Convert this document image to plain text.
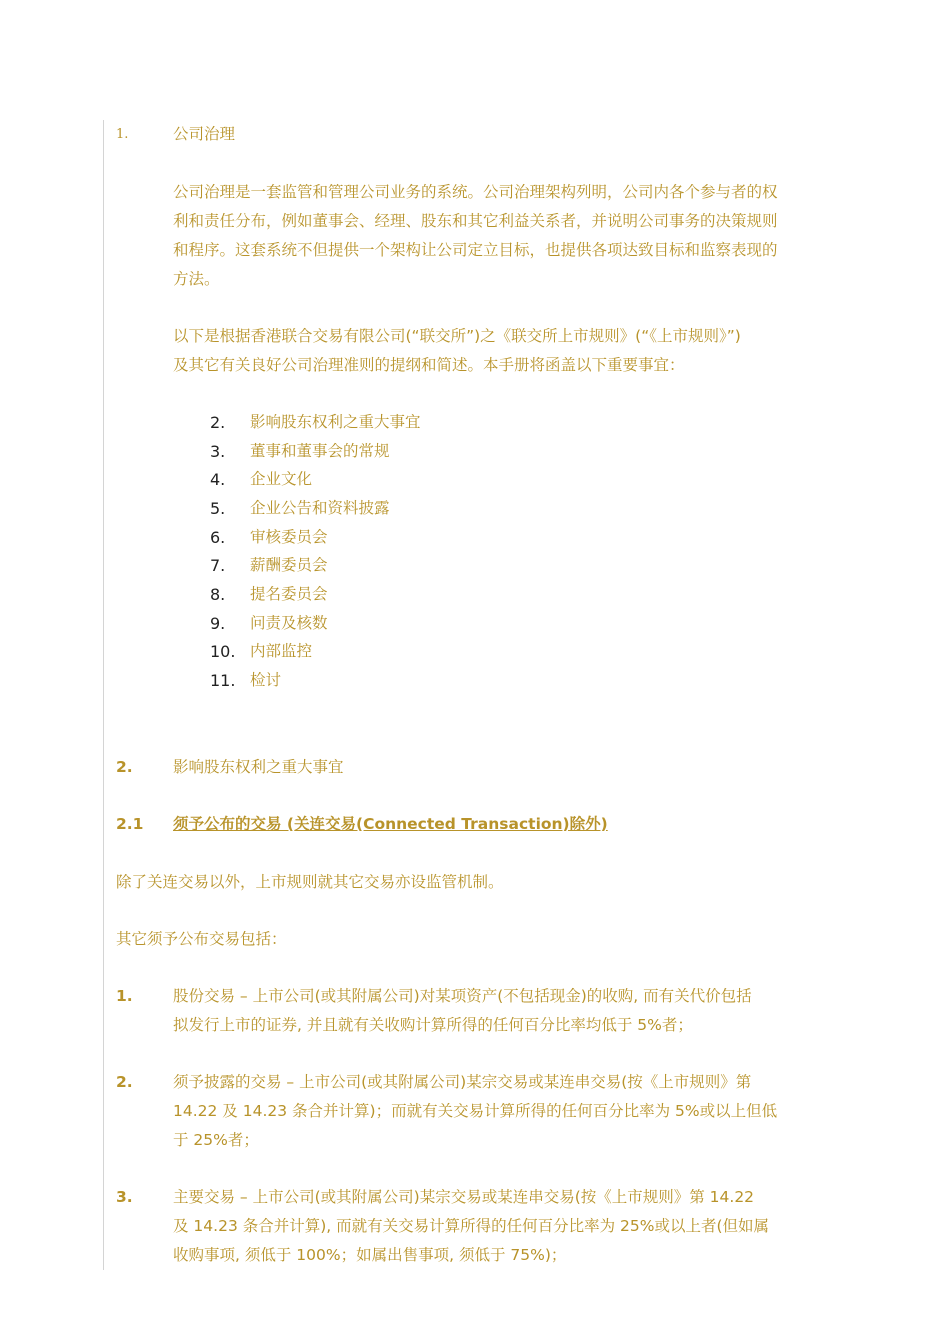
1.	公司治理
公司治理是一套监管和管理公司业务的系统。公司治理架构列明，公司内各个参与者的权
利和责任分布，例如董事会、经理、股东和其它利益关系者，并说明公司事务的决策规则
和程序。这套系统不但提供一个架构让公司定立目标，也提供各项达致目标和监察表现的
方法。
以下是根据香港联合交易有限公司(“联交所”)之《联交所上市规则》(“《上市规则》”)
及其它有关良好公司治理准则的提纲和简述。本手册将函盖以下重要事宜：
2. 影响股东权利之重大事宜
3. 董事和董事会的常规
4. 企业文化
5. 企业公告和资料披露
6. 审核委员会
7. 薪酬委员会
8. 提名委员会
9. 问责及核数
10. 内部监控
11. 检讨
2.	影响股东权利之重大事宜
2.1 须予公布的交易 (关连交易(Connected Transaction)除外)
除了关连交易以外，上市规则就其它交易亦设监管机制。
其它须予公布交易包括：
1.	股份交易 – 上市公司(或其附属公司)对某项资产(不包括现金)的收购, 而有关代价包括
拟发行上市的证券, 并且就有关收购计算所得的任何百分比率均低于 5%者；
2.	须予披露的交易 – 上市公司(或其附属公司)某宗交易或某连串交易(按《上市规则》第
14.22 及 14.23 条合并计算)；而就有关交易计算所得的任何百分比率为 5%或以上但低
于 25%者；
3.	主要交易 – 上市公司(或其附属公司)某宗交易或某连串交易(按《上市规则》第 14.22
及 14.23 条合并计算), 而就有关交易计算所得的任何百分比率为 25%或以上者(但如属
收购事项, 须低于 100%；如属出售事项, 须低于 75%)；
